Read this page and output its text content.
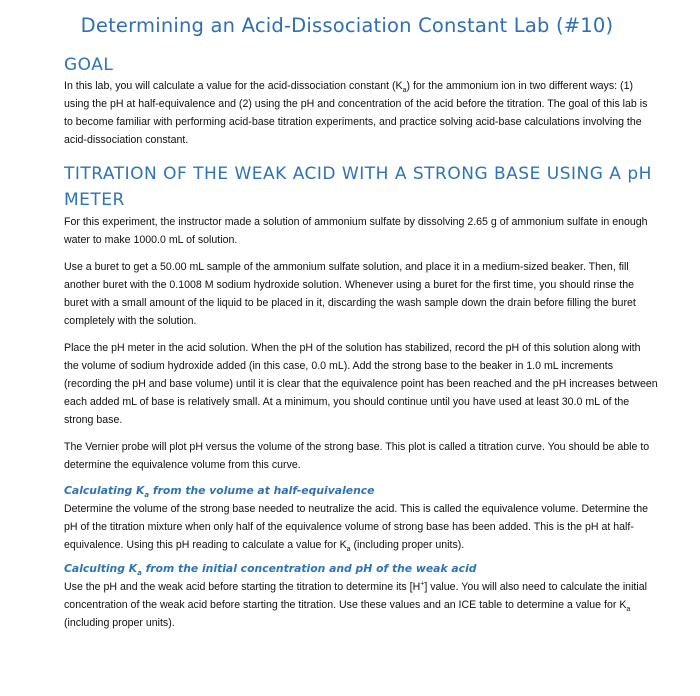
Determining an Acid-Dissociation Constant Lab (#10)
GOAL

In this lab, you will calculate a value for the acid-dissociation constant $(K_a)$ for the ammonium ion in two different ways: (1) using the pH at half-equivalence and (2) using the pH and concentration of the acid before the titration. The goal of this lab is to become familiar with performing acid-base titration experiments, and practice solving acid-base calculations involving the acid-dissociation constant.

TITRATION OF THE WEAK ACID WITH A STRONG BASE USING A pH METER

For this experiment, the instructor made a solution of ammonium sulfate by dissolving 2.65 g of ammonium sulfate in enough water to make 1000.0 mL of solution.

Use a buret to get a 50.00 mL sample of the ammonium sulfate solution, and place it in a medium-sized beaker. Then, fill another buret with the 0.1008 M sodium hydroxide solution. Whenever using a buret for the first time, you should rinse the buret with a small amount of the liquid to be placed in it, discarding the wash sample down the drain before filling the buret completely with the solution.

Place the pH meter in the acid solution. When the pH of the solution has stabilized, record the pH of this solution along with the volume of sodium hydroxide added (in this case, 0.0 mL). Add the strong base to the beaker in 1.0 mL increments (recording the pH and base volume) until it is clear that the equivalence point has been reached and the pH increases between each added mL of base is relatively small. At a minimum, you should continue until you have used at least 30.0 mL of the strong base.

The Vernier probe will plot pH versus the volume of the strong base. This plot is called a titration curve. You should be able to determine the equivalence volume from this curve.

Calculating $K_a$ from the volume at half-equivalence

Determine the volume of the strong base needed to neutralize the acid. This is called the equivalence volume. Determine the pH of the titration mixture when only half of the equivalence volume of strong base has been added. This is the pH at half-equivalence. Using this pH reading to calculate a value for $K_a$ (including proper units).

Calculting $K_a$ from the initial concentration and pH of the weak acid

Use the pH and the weak acid before starting the titration to determine its [H+] value. You will also need to calculate the initial concentration of the weak acid before starting the titration. Use these values and an ICE table to determine a value for $K_a$ (including proper units).
